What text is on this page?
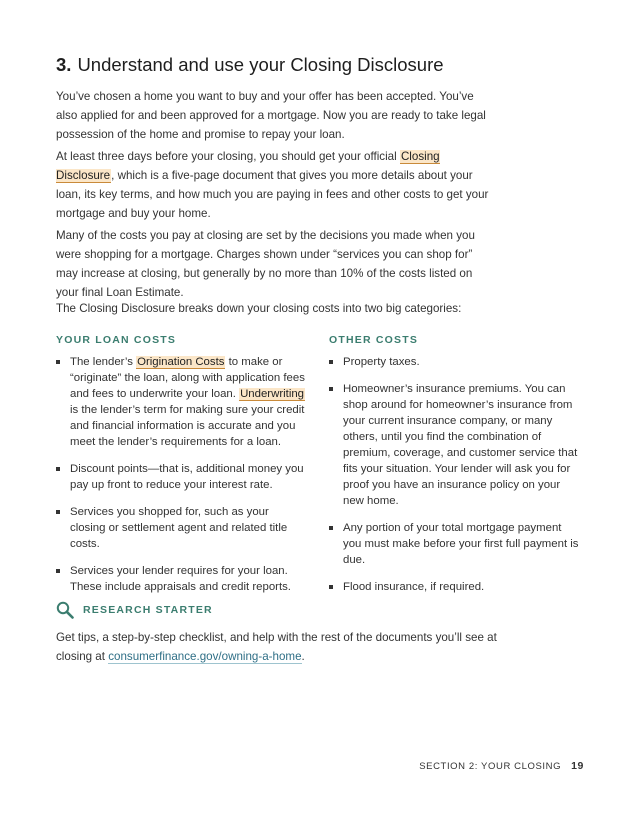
3. Understand and use your Closing Disclosure

You’ve chosen a home you want to buy and your offer has been accepted. You’ve also applied for and been approved for a mortgage. Now you are ready to take legal possession of the home and promise to repay your loan.

At least three days before your closing, you should get your official Closing Disclosure, which is a five-page document that gives you more details about your loan, its key terms, and how much you are paying in fees and other costs to get your mortgage and buy your home.

Many of the costs you pay at closing are set by the decisions you made when you were shopping for a mortgage. Charges shown under “services you can shop for” may increase at closing, but generally by no more than 10% of the costs listed on your final Loan Estimate.

The Closing Disclosure breaks down your closing costs into two big categories:

YOUR LOAN COSTS	OTHER COSTS
The lender’s Origination Costs to make or “originate” the loan, along with application fees and fees to underwrite your loan. Underwriting is the lender’s term for making sure your credit and financial information is accurate and you meet the lender’s requirements for a loan.
Discount points—that is, additional money you pay up front to reduce your interest rate.
Services you shopped for, such as your closing or settlement agent and related title costs.
Services your lender requires for your loan. These include appraisals and credit reports.
Property taxes.
Homeowner’s insurance premiums. You can shop around for homeowner’s insurance from your current insurance company, or many others, until you find the combination of premium, coverage, and customer service that fits your situation. Your lender will ask you for proof you have an insurance policy on your new home.
Any portion of your total mortgage payment you must make before your first full payment is due.
Flood insurance, if required.
RESEARCH STARTER

Get tips, a step-by-step checklist, and help with the rest of the documents you’ll see at closing at consumerfinance.gov/owning-a-home.

SECTION 2: YOUR CLOSING 19
